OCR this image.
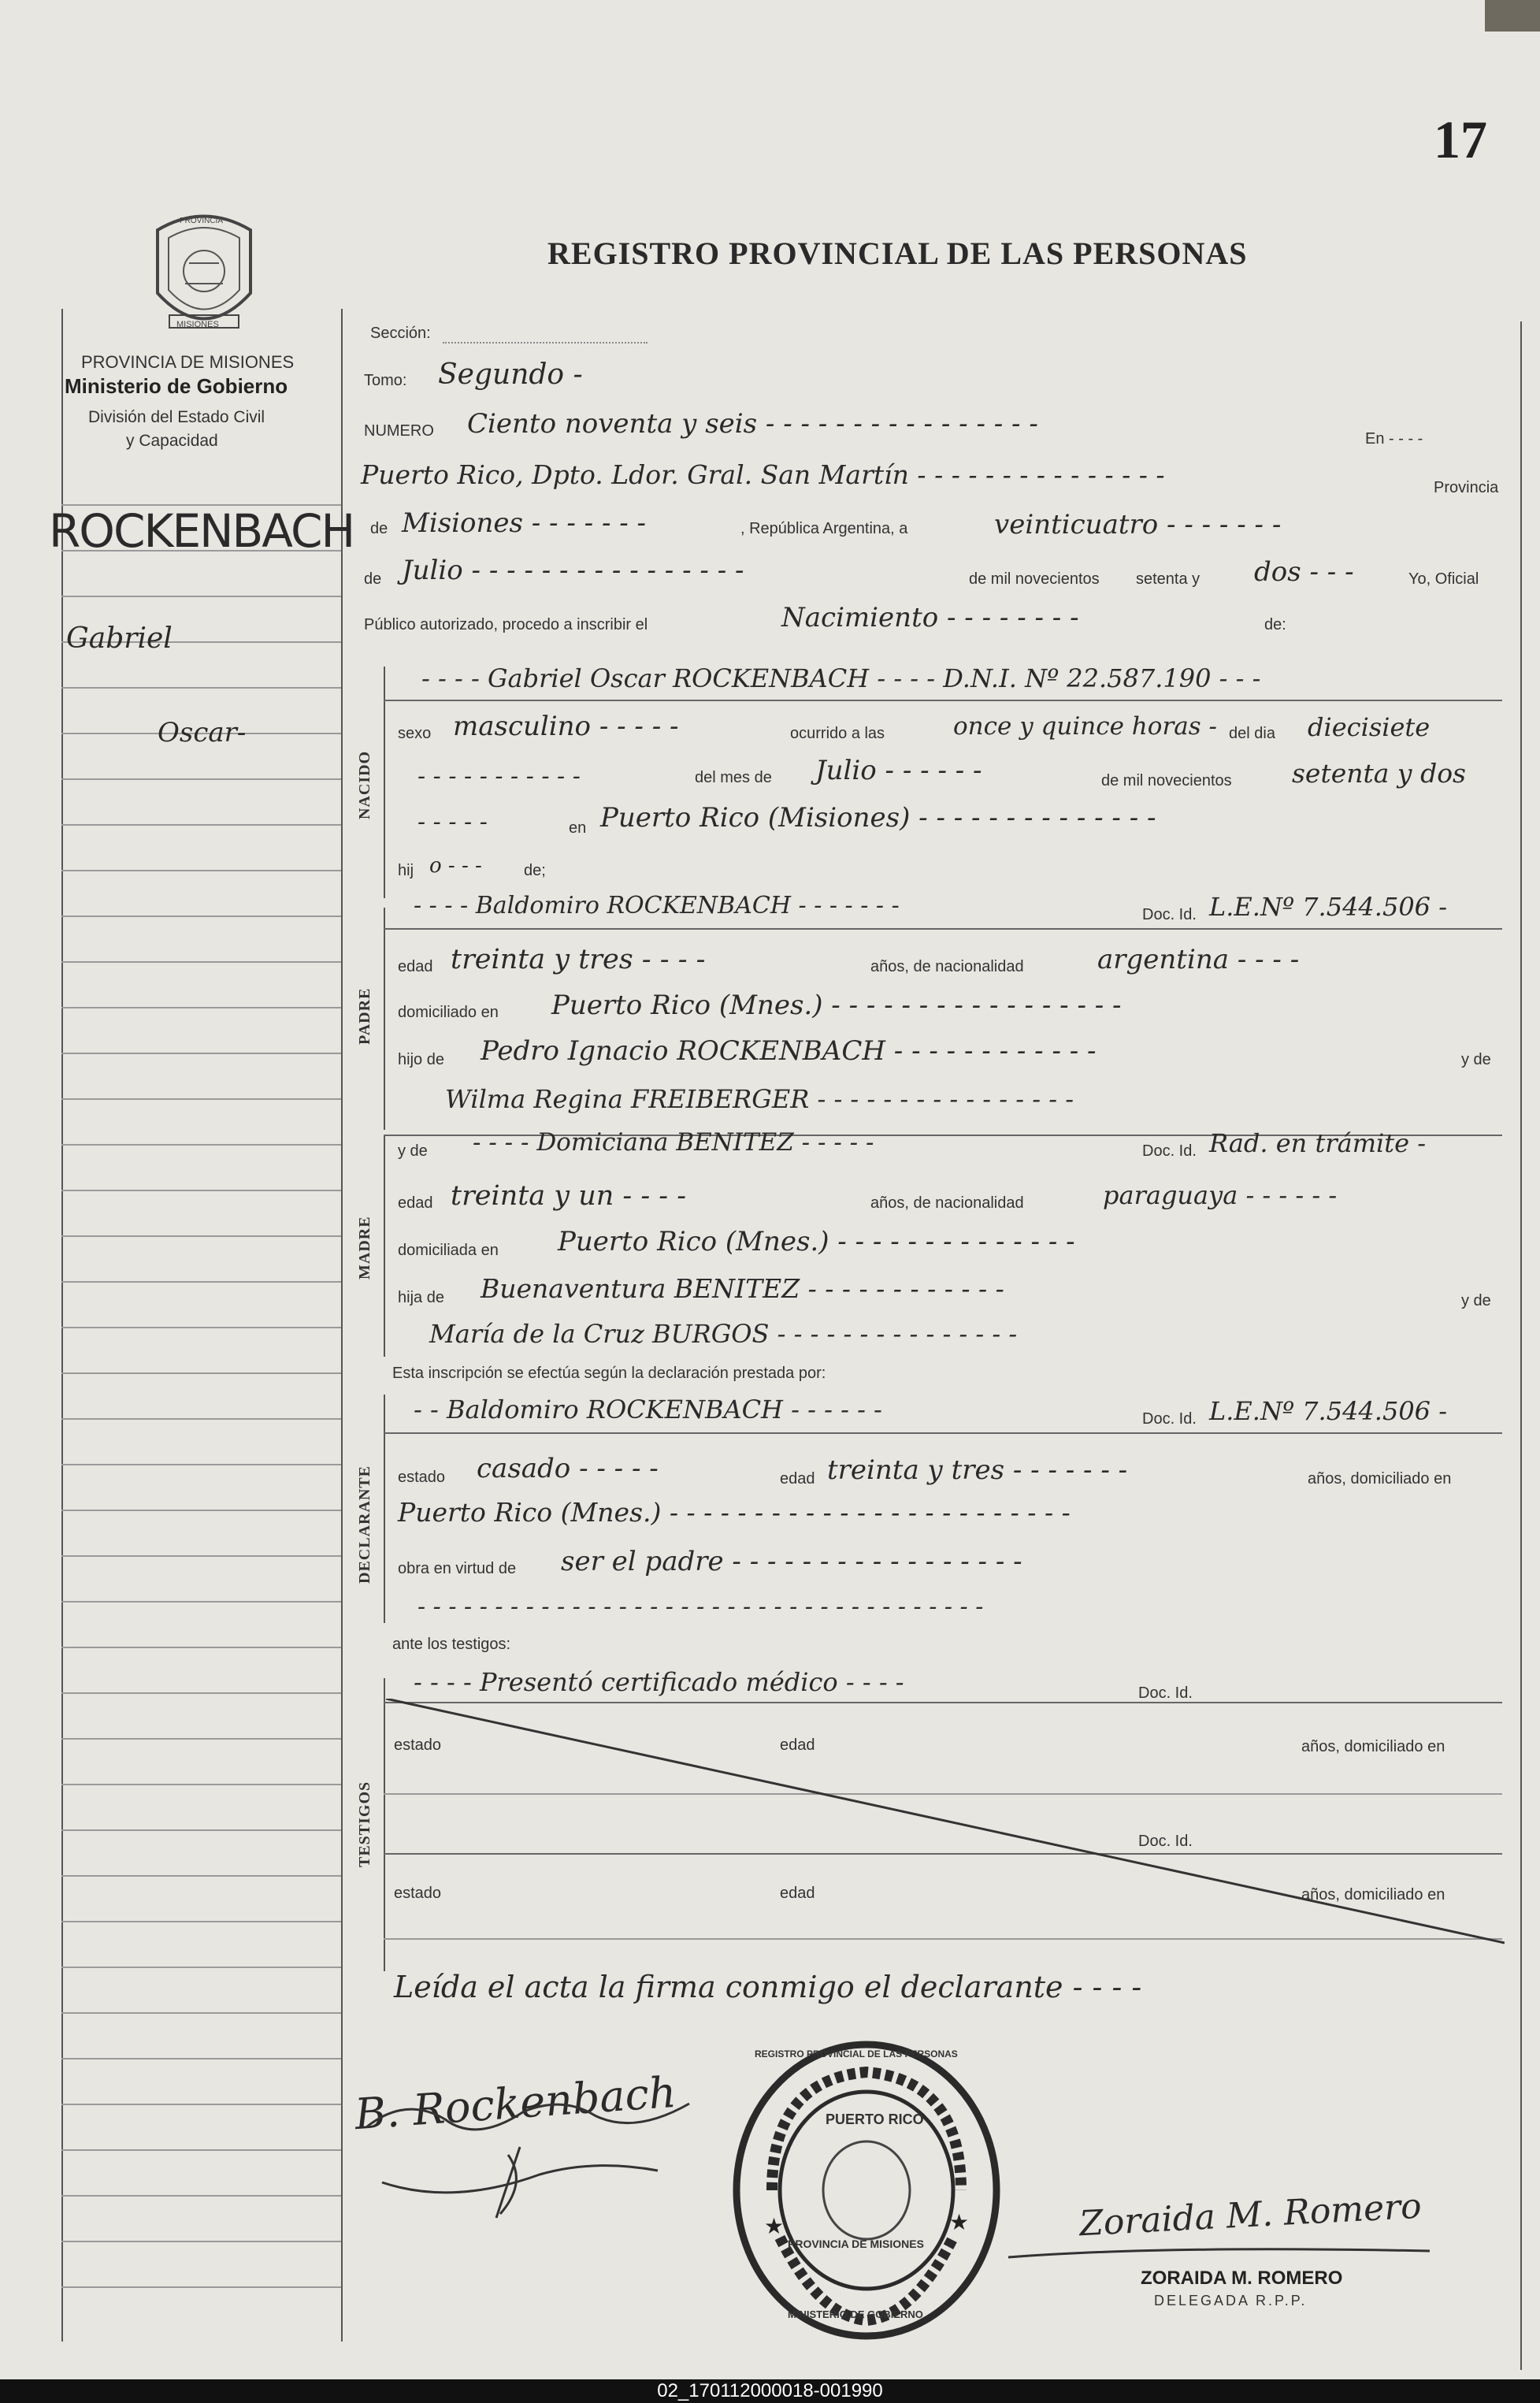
17
REGISTRO PROVINCIAL DE LAS PERSONAS
PROVINCIA
MISIONES
PROVINCIA DE MISIONES
Ministerio de Gobierno
División del Estado Civil
y Capacidad
ROCKENBACH
Gabriel
Oscar-
Sección:
Tomo: Segundo -
NUMERO Ciento noventa y seis - - - - - - - - - - - - - - - -	En - - - -
Puerto Rico, Dpto. Ldor. Gral. San Martín - - - - - - - - - - - - - - -	Provincia
de Misiones - - - - - - -	, República Argentina, a	veinticuatro - - - - - - -
de Julio - - - - - - - - - - - - - - - -	de mil novecientos setenta y dos - - -	Yo, Oficial
Público autorizado, procedo a inscribir el	Nacimiento - - - - - - - -	de:
NACIDO
- - - - Gabriel Oscar ROCKENBACH - - - - D.N.I. Nº 22.587.190 - - -
sexo masculino - - - - -	ocurrido a las	once y quince horas - del dia diecisiete
- - - - - - - - - - -	del mes de Julio - - - - - -	de mil novecientos setenta y dos
- - - - -	en Puerto Rico (Misiones) - - - - - - - - - - - - - -
hij o - - -	de;
PADRE
- - - - Baldomiro ROCKENBACH - - - - - - -	Doc. Id. L.E.Nº 7.544.506 -
edad treinta y tres - - - -	años, de nacionalidad	argentina - - - -
domiciliado en Puerto Rico (Mnes.) - - - - - - - - - - - - - - - - -
hijo de Pedro Ignacio ROCKENBACH - - - - - - - - - - - -	y de
Wilma Regina FREIBERGER - - - - - - - - - - - - - - - -
MADRE
y de - - - - Domiciana BENITEZ - - - - -	Doc. Id. Rad. en trámite -
edad treinta y un - - - -	años, de nacionalidad	paraguaya - - - - - -
domiciliada en Puerto Rico (Mnes.) - - - - - - - - - - - - - -
hija de Buenaventura BENITEZ - - - - - - - - - - - -	y de
María de la Cruz BURGOS - - - - - - - - - - - - - - -
Esta inscripción se efectúa según la declaración prestada por:
DECLARANTE
- - Baldomiro ROCKENBACH - - - - - -	Doc. Id. L.E.Nº 7.544.506 -
estado casado - - - - -	edad treinta y tres - - - - - - -	años, domiciliado en
Puerto Rico (Mnes.) - - - - - - - - - - - - - - - - - - - - - - - -
obra en virtud de ser el padre - - - - - - - - - - - - - - - - -
- - - - - - - - - - - - - - - - - - - - - - - - - - - - - - - - - - - - -
ante los testigos:
TESTIGOS
- - - - Presentó certificado médico - - - -	Doc. Id.
estado	edad	años, domiciliado en
Doc. Id.
estado	edad	años, domiciliado en
Leída el acta la firma conmigo el declarante - - - -
B. Rockenbach
★	★
PUERTO RICO
PROVINCIA DE MISIONES
REGISTRO PROVINCIAL DE LAS PERSONAS
MINISTERIO DE GOBIERNO
Zoraida M. Romero
ZORAIDA M. ROMERO
DELEGADA R.P.P.
02_170112000018-001990
